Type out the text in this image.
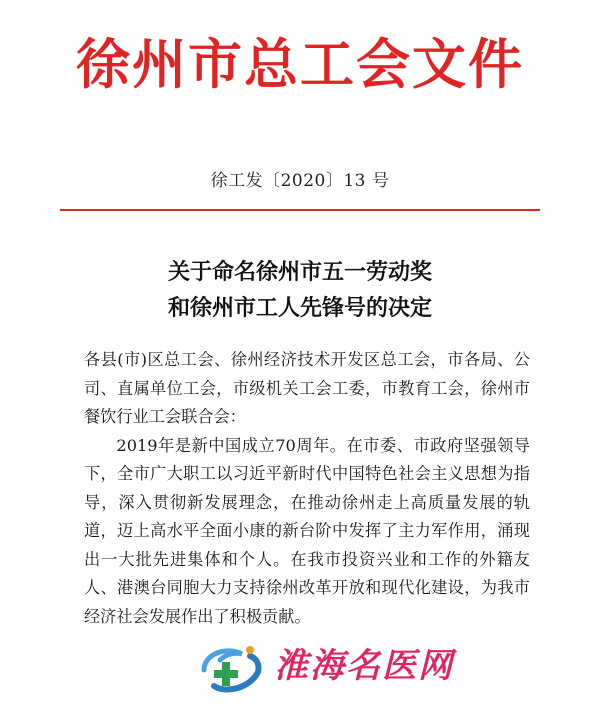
徐州市总工会文件
徐工发〔2020〕13 号
关于命名徐州市五一劳动奖
和徐州市工人先锋号的决定

各县(市)区总工会、徐州经济技术开发区总工会，市各局、公司、直属单位工会，市级机关工会工委，市教育工会，徐州市餐饮行业工会联合会：

2019年是新中国成立70周年。在市委、市政府坚强领导下，全市广大职工以习近平新时代中国特色社会主义思想为指导，深入贯彻新发展理念，在推动徐州走上高质量发展的轨道，迈上高水平全面小康的新台阶中发挥了主力军作用，涌现出一大批先进集体和个人。在我市投资兴业和工作的外籍友人、港澳台同胞大力支持徐州改革开放和现代化建设，为我市经济社会发展作出了积极贡献。

淮海名医网
